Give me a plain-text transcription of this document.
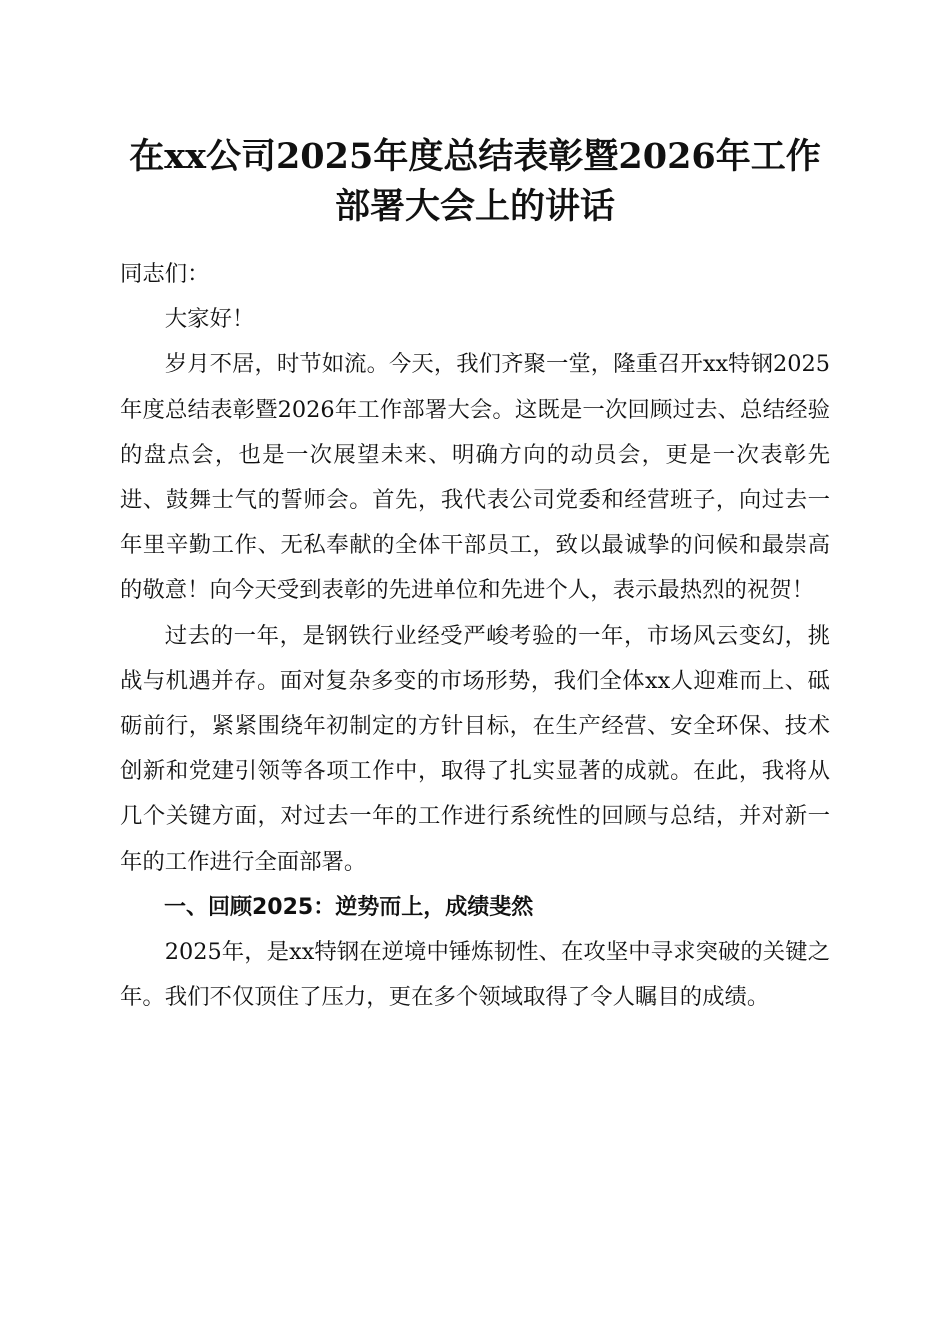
在xx公司2025年度总结表彰暨2026年工作
部署大会上的讲话

同志们：

大家好！

岁月不居，时节如流。今天，我们齐聚一堂，隆重召开xx特钢2025年度总结表彰暨2026年工作部署大会。这既是一次回顾过去、总结经验的盘点会，也是一次展望未来、明确方向的动员会，更是一次表彰先进、鼓舞士气的誓师会。首先，我代表公司党委和经营班子，向过去一年里辛勤工作、无私奉献的全体干部员工，致以最诚挚的问候和最崇高的敬意！向今天受到表彰的先进单位和先进个人，表示最热烈的祝贺！

过去的一年，是钢铁行业经受严峻考验的一年，市场风云变幻，挑战与机遇并存。面对复杂多变的市场形势，我们全体xx人迎难而上、砥砺前行，紧紧围绕年初制定的方针目标，在生产经营、安全环保、技术创新和党建引领等各项工作中，取得了扎实显著的成就。在此，我将从几个关键方面，对过去一年的工作进行系统性的回顾与总结，并对新一年的工作进行全面部署。

一、回顾2025：逆势而上，成绩斐然

2025年，是xx特钢在逆境中锤炼韧性、在攻坚中寻求突破的关键之年。我们不仅顶住了压力，更在多个领域取得了令人瞩目的成绩。
